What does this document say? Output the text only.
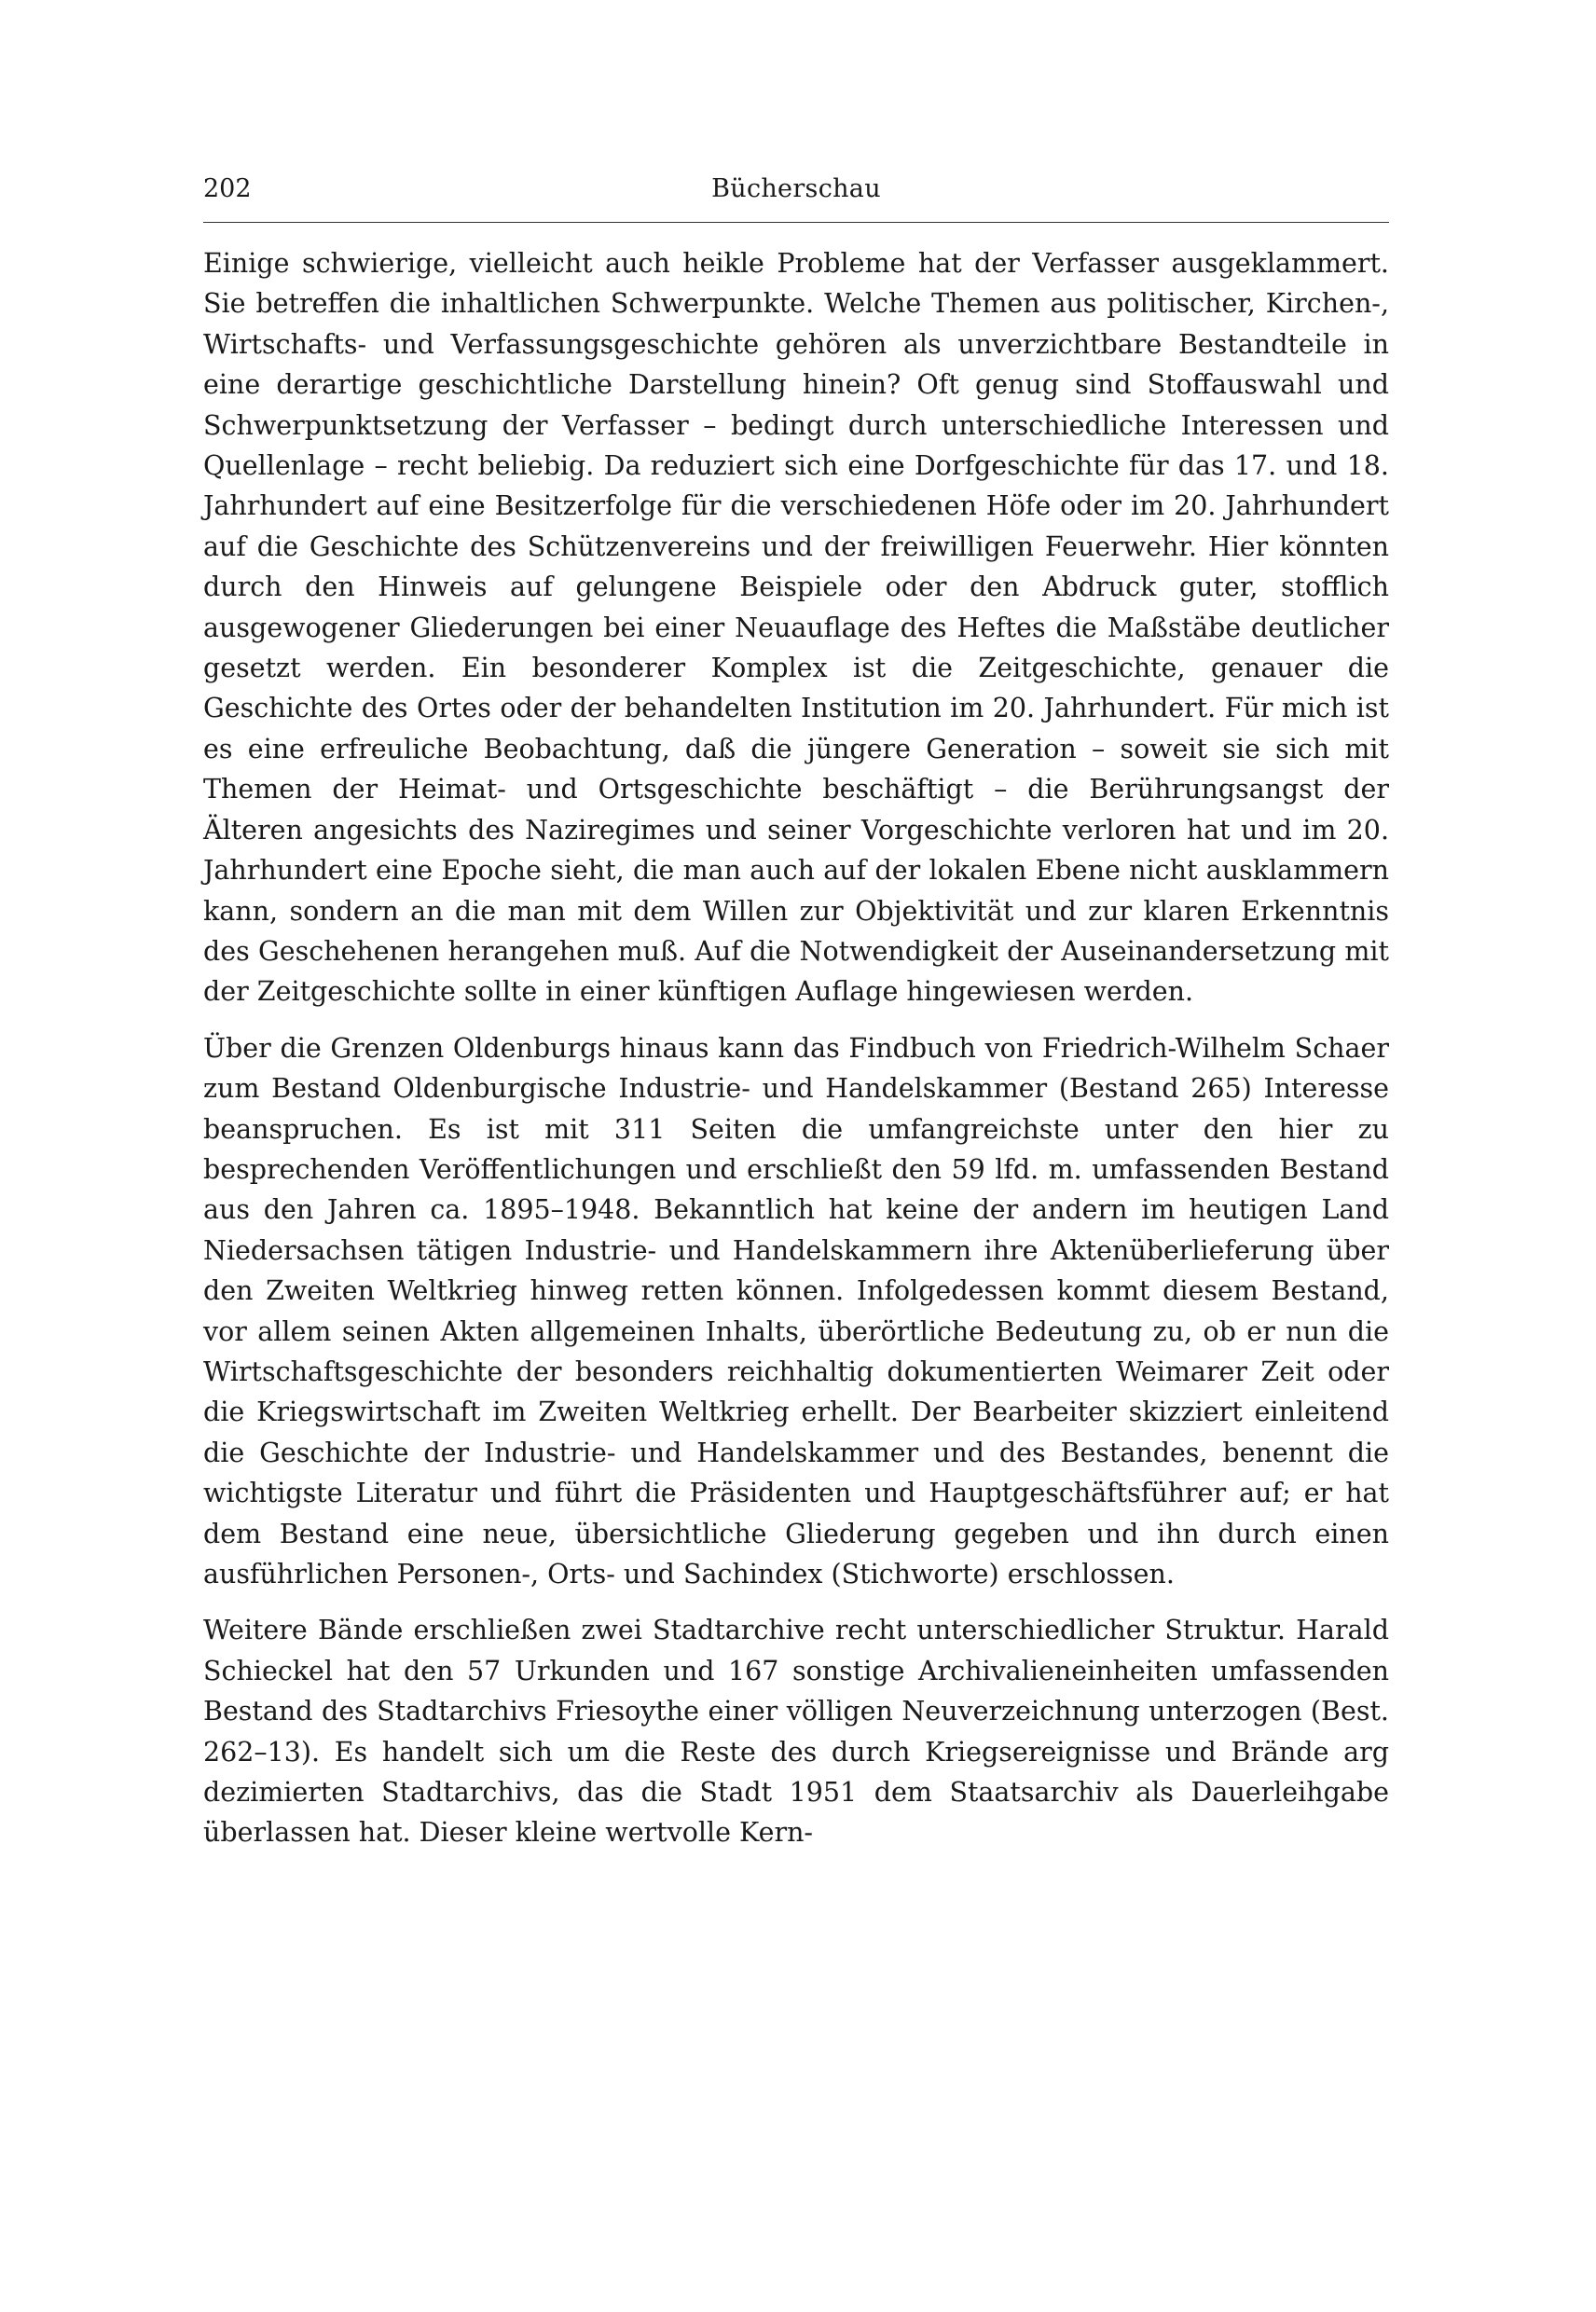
202	Bücherschau

Einige schwierige, vielleicht auch heikle Probleme hat der Verfasser ausgeklammert. Sie betreffen die inhaltlichen Schwerpunkte. Welche Themen aus politischer, Kirchen-, Wirtschafts- und Verfassungsgeschichte gehören als unverzichtbare Bestandteile in eine derartige geschichtliche Darstellung hinein? Oft genug sind Stoffauswahl und Schwerpunktsetzung der Verfasser – bedingt durch unterschiedliche Interessen und Quellenlage – recht beliebig. Da reduziert sich eine Dorfgeschichte für das 17. und 18. Jahrhundert auf eine Besitzerfolge für die verschiedenen Höfe oder im 20. Jahrhundert auf die Geschichte des Schützenvereins und der freiwilligen Feuerwehr. Hier könnten durch den Hinweis auf gelungene Beispiele oder den Abdruck guter, stofflich ausgewogener Gliederungen bei einer Neuauflage des Heftes die Maßstäbe deutlicher gesetzt werden. Ein besonderer Komplex ist die Zeitgeschichte, genauer die Geschichte des Ortes oder der behandelten Institution im 20. Jahrhundert. Für mich ist es eine erfreuliche Beobachtung, daß die jüngere Generation – soweit sie sich mit Themen der Heimat- und Ortsgeschichte beschäftigt – die Berührungsangst der Älteren angesichts des Naziregimes und seiner Vorgeschichte verloren hat und im 20. Jahrhundert eine Epoche sieht, die man auch auf der lokalen Ebene nicht ausklammern kann, sondern an die man mit dem Willen zur Objektivität und zur klaren Erkenntnis des Geschehenen herangehen muß. Auf die Notwendigkeit der Auseinandersetzung mit der Zeitgeschichte sollte in einer künftigen Auflage hingewiesen werden.

Über die Grenzen Oldenburgs hinaus kann das Findbuch von Friedrich-Wilhelm Schaer zum Bestand Oldenburgische Industrie- und Handelskammer (Bestand 265) Interesse beanspruchen. Es ist mit 311 Seiten die umfangreichste unter den hier zu besprechenden Veröffentlichungen und erschließt den 59 lfd. m. umfassenden Bestand aus den Jahren ca. 1895–1948. Bekanntlich hat keine der andern im heutigen Land Niedersachsen tätigen Industrie- und Handelskammern ihre Aktenüberlieferung über den Zweiten Weltkrieg hinweg retten können. Infolgedessen kommt diesem Bestand, vor allem seinen Akten allgemeinen Inhalts, überörtliche Bedeutung zu, ob er nun die Wirtschaftsgeschichte der besonders reichhaltig dokumentierten Weimarer Zeit oder die Kriegswirtschaft im Zweiten Weltkrieg erhellt. Der Bearbeiter skizziert einleitend die Geschichte der Industrie- und Handelskammer und des Bestandes, benennt die wichtigste Literatur und führt die Präsidenten und Hauptgeschäftsführer auf; er hat dem Bestand eine neue, übersichtliche Gliederung gegeben und ihn durch einen ausführlichen Personen-, Orts- und Sachindex (Stichworte) erschlossen.

Weitere Bände erschließen zwei Stadtarchive recht unterschiedlicher Struktur. Harald Schieckel hat den 57 Urkunden und 167 sonstige Archivalieneinheiten umfassenden Bestand des Stadtarchivs Friesoythe einer völligen Neuverzeichnung unterzogen (Best. 262–13). Es handelt sich um die Reste des durch Kriegsereignisse und Brände arg dezimierten Stadtarchivs, das die Stadt 1951 dem Staatsarchiv als Dauerleihgabe überlassen hat. Dieser kleine wertvolle Kern-
